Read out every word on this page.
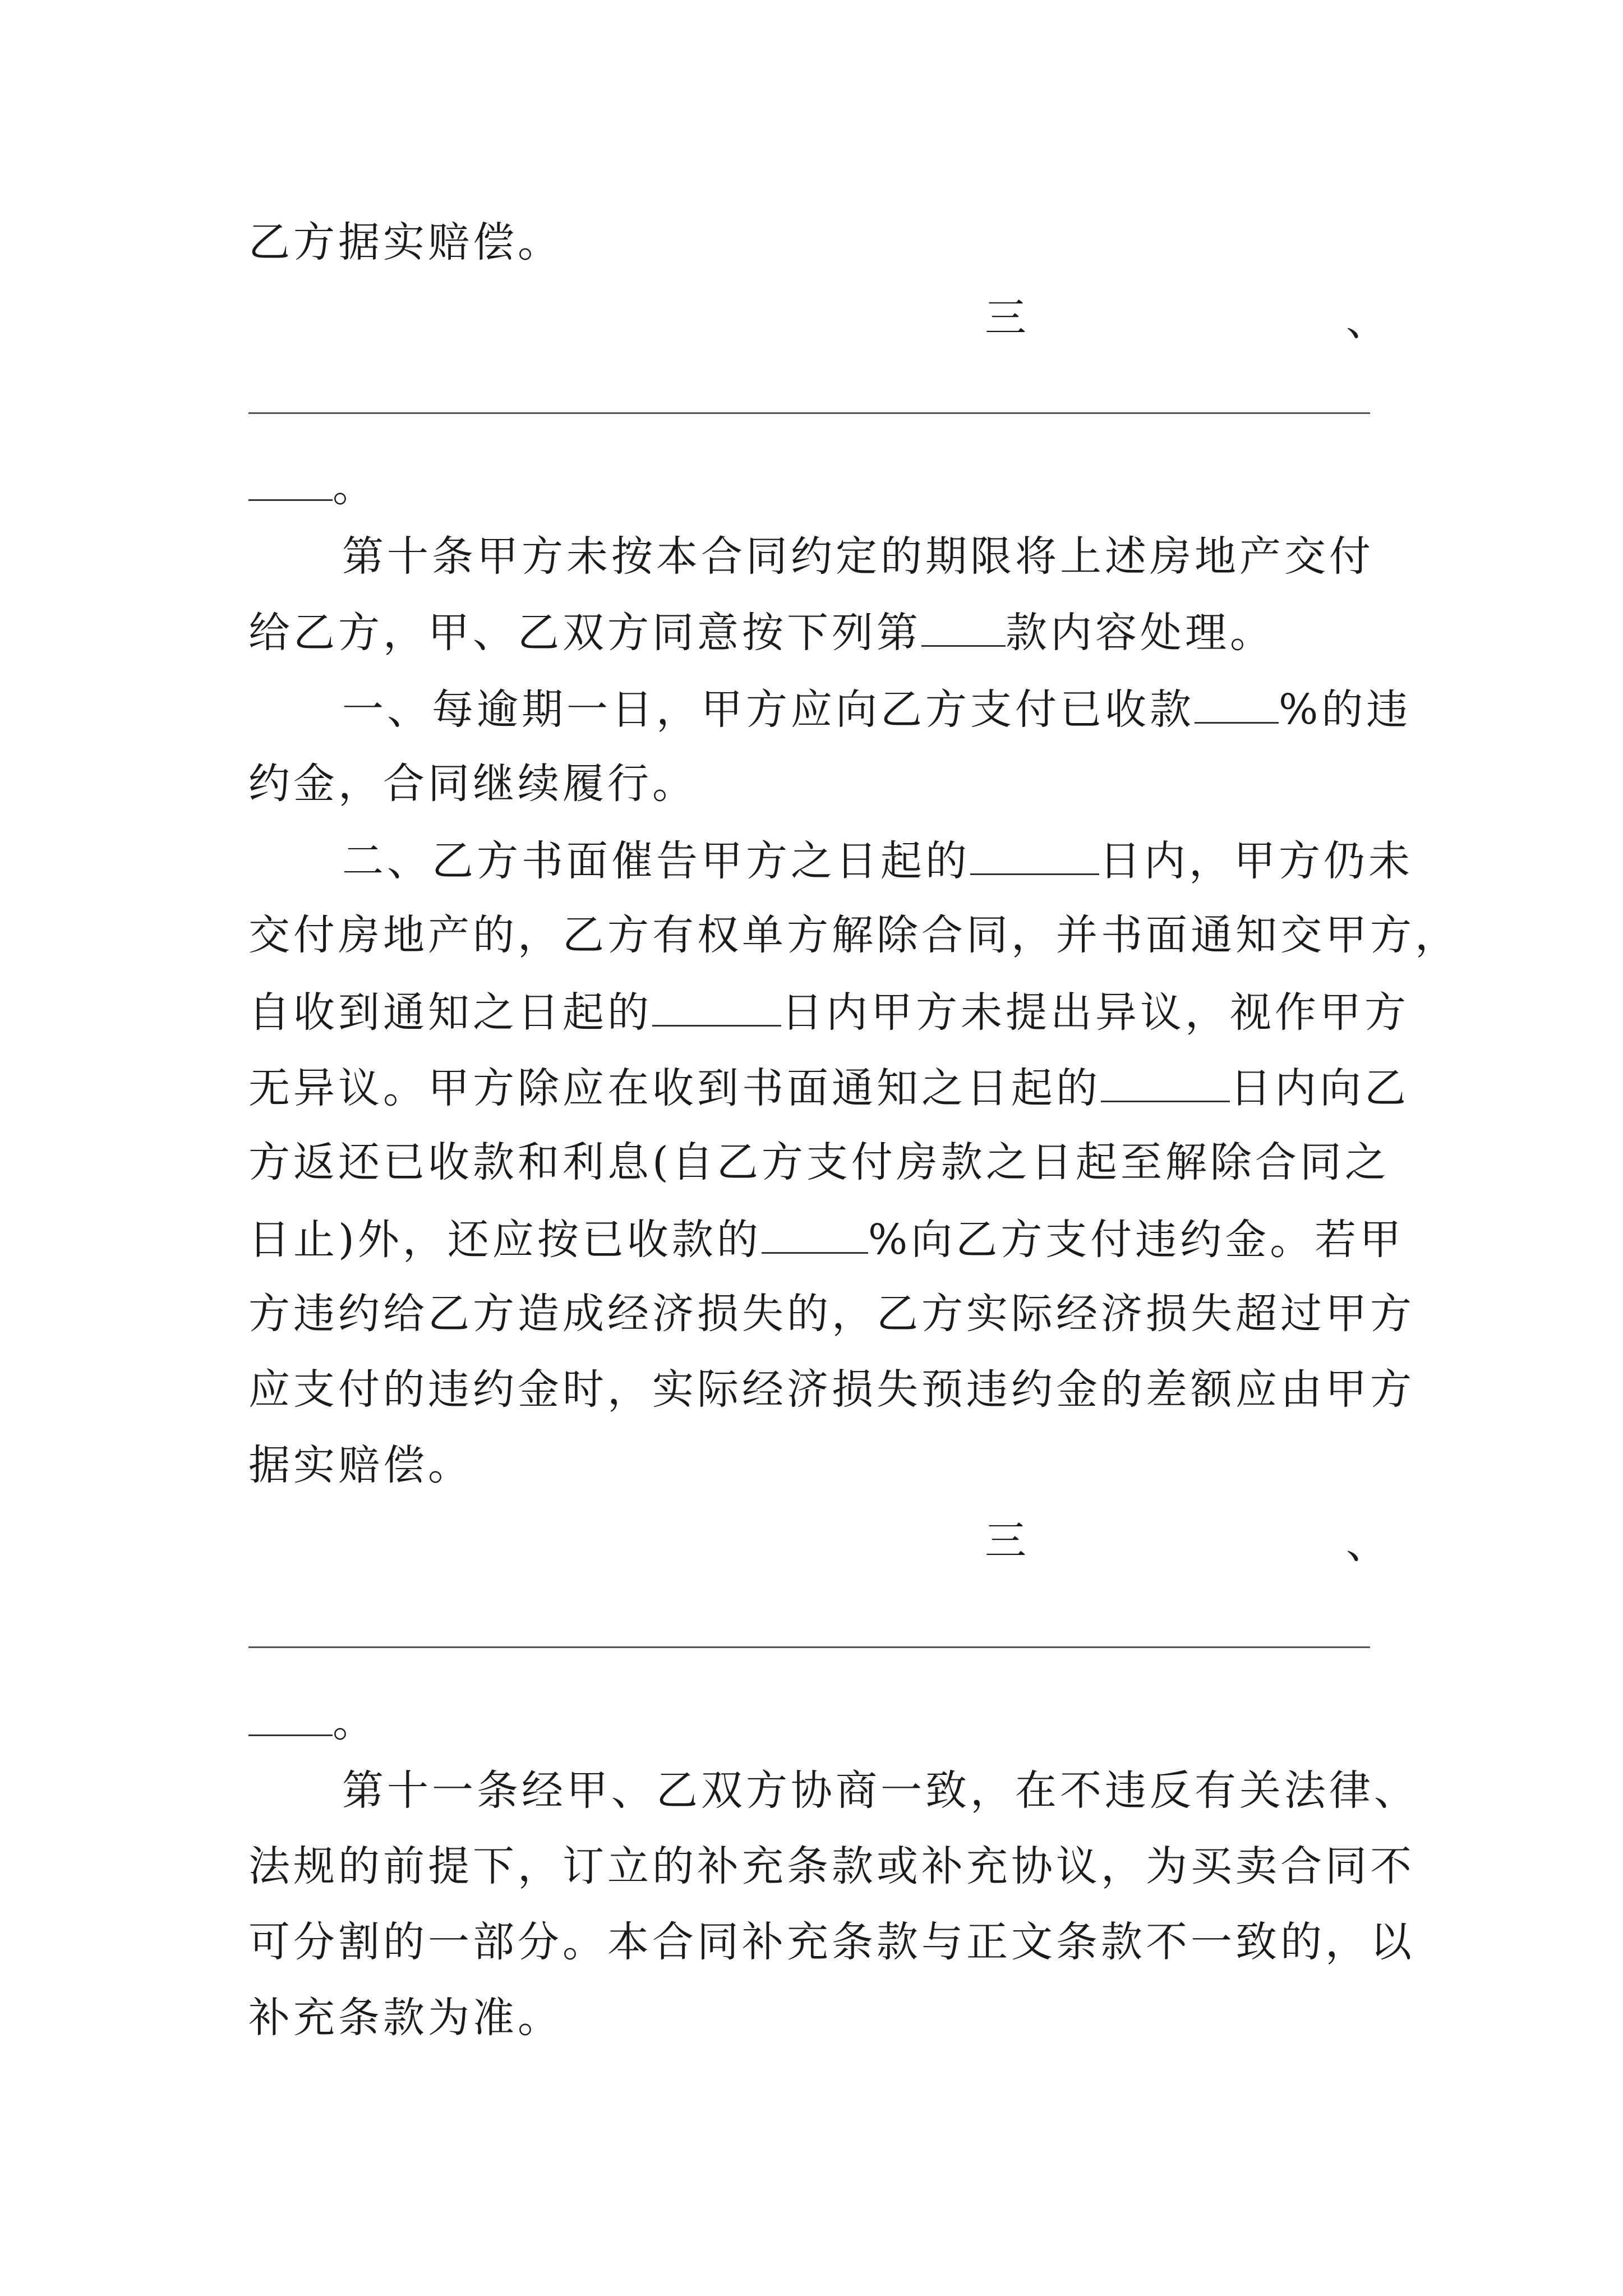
乙方据实赔偿。
三	、
。
第十条甲方未按本合同约定的期限将上述房地产交付
给乙方，甲、乙双方同意按下列第 款内容处理。
一、每逾期一日，甲方应向乙方支付已收款 %的违
约金，合同继续履行。
二、乙方书面催告甲方之日起的	日内，甲方仍未
交付房地产的，乙方有权单方解除合同，并书面通知交甲方，
自收到通知之日起的	日内甲方未提出异议，视作甲方
无异议。甲方除应在收到书面通知之日起的	日内向乙
方返还已收款和利息(自乙方支付房款之日起至解除合同之
日止)外，还应按已收款的	%向乙方支付违约金。若甲
方违约给乙方造成经济损失的，乙方实际经济损失超过甲方
应支付的违约金时，实际经济损失预违约金的差额应由甲方
据实赔偿。
三	、
。
第十一条经甲、乙双方协商一致，在不违反有关法律、
法规的前提下，订立的补充条款或补充协议，为买卖合同不
可分割的一部分。本合同补充条款与正文条款不一致的，以
补充条款为准。
